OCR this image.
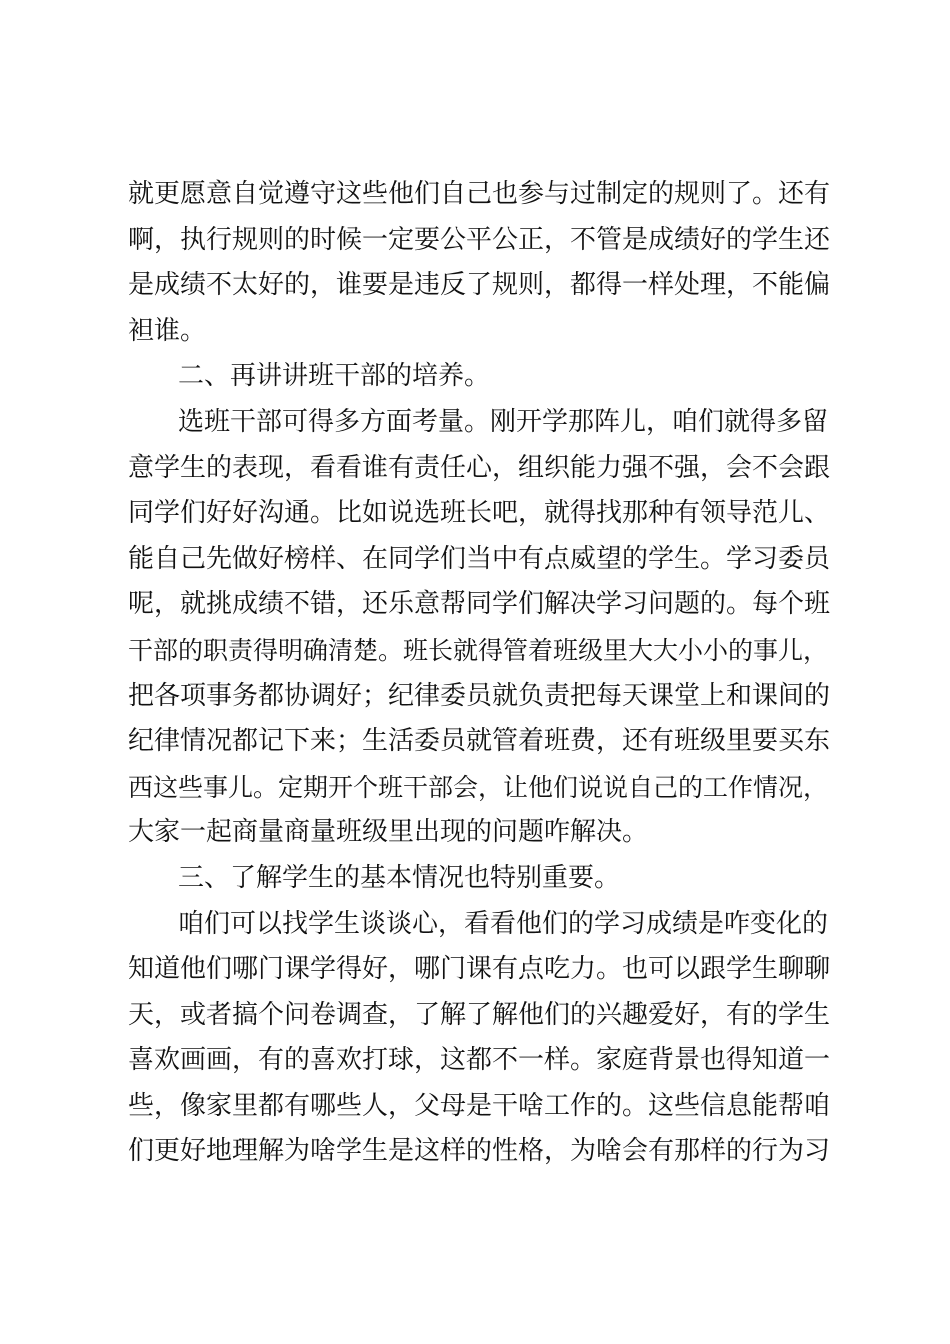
就更愿意自觉遵守这些他们自己也参与过制定的规则了。还有
啊，执行规则的时候一定要公平公正，不管是成绩好的学生还
是成绩不太好的，谁要是违反了规则，都得一样处理，不能偏
袒谁。
二、再讲讲班干部的培养。
选班干部可得多方面考量。刚开学那阵儿，咱们就得多留
意学生的表现，看看谁有责任心，组织能力强不强，会不会跟
同学们好好沟通。比如说选班长吧，就得找那种有领导范儿、
能自己先做好榜样、在同学们当中有点威望的学生。学习委员
呢，就挑成绩不错，还乐意帮同学们解决学习问题的。每个班
干部的职责得明确清楚。班长就得管着班级里大大小小的事儿，
把各项事务都协调好；纪律委员就负责把每天课堂上和课间的
纪律情况都记下来；生活委员就管着班费，还有班级里要买东
西这些事儿。定期开个班干部会，让他们说说自己的工作情况，
大家一起商量商量班级里出现的问题咋解决。
三、了解学生的基本情况也特别重要。
咱们可以找学生谈谈心，看看他们的学习成绩是咋变化的
知道他们哪门课学得好，哪门课有点吃力。也可以跟学生聊聊
天，或者搞个问卷调查，了解了解他们的兴趣爱好，有的学生
喜欢画画，有的喜欢打球，这都不一样。家庭背景也得知道一
些，像家里都有哪些人，父母是干啥工作的。这些信息能帮咱
们更好地理解为啥学生是这样的性格，为啥会有那样的行为习
